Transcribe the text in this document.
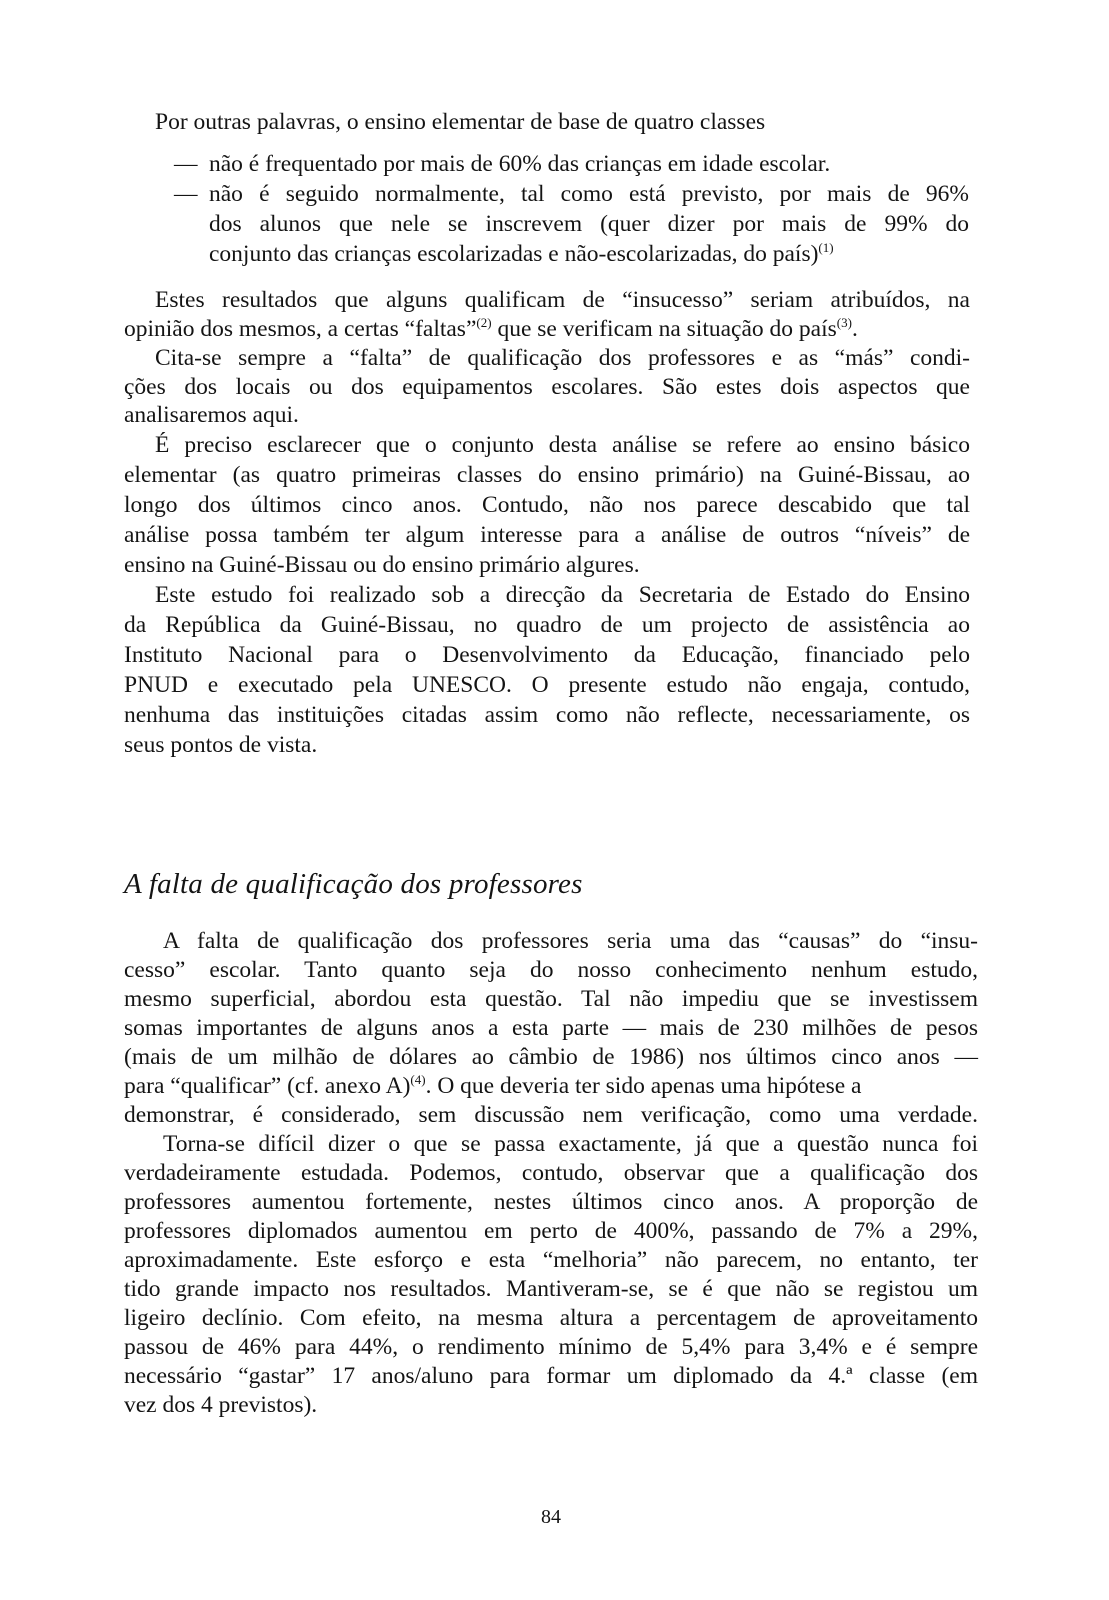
Por outras palavras, o ensino elementar de base de quatro classes
— não é frequentado por mais de 60% das crianças em idade escolar.
— não é seguido normalmente, tal como está previsto, por mais de 96%
dos alunos que nele se inscrevem (quer dizer por mais de 99% do
conjunto das crianças escolarizadas e não-escolarizadas, do país)$^{(1)}$
Estes resultados que alguns qualificam de “insucesso” seriam atribuídos, na
opinião dos mesmos, a certas “faltas”$^{(2)}$ que se verificam na situação do país$^{(3)}$.
Cita-se sempre a “falta” de qualificação dos professores e as “más” condi-
ções dos locais ou dos equipamentos escolares. São estes dois aspectos que
analisaremos aqui.
É preciso esclarecer que o conjunto desta análise se refere ao ensino básico
elementar (as quatro primeiras classes do ensino primário) na Guiné-Bissau, ao
longo dos últimos cinco anos. Contudo, não nos parece descabido que tal
análise possa também ter algum interesse para a análise de outros “níveis” de
ensino na Guiné-Bissau ou do ensino primário algures.
Este estudo foi realizado sob a direcção da Secretaria de Estado do Ensino
da República da Guiné-Bissau, no quadro de um projecto de assistência ao
Instituto Nacional para o Desenvolvimento da Educação, financiado pelo
PNUD e executado pela UNESCO. O presente estudo não engaja, contudo,
nenhuma das instituições citadas assim como não reflecte, necessariamente, os
seus pontos de vista.
A falta de qualificação dos professores
A falta de qualificação dos professores seria uma das “causas” do “insu-
cesso” escolar. Tanto quanto seja do nosso conhecimento nenhum estudo,
mesmo superficial, abordou esta questão. Tal não impediu que se investissem
somas importantes de alguns anos a esta parte — mais de 230 milhões de pesos
(mais de um milhão de dólares ao câmbio de 1986) nos últimos cinco anos —
para “qualificar” (cf. anexo A)$^{(4)}$. O que deveria ter sido apenas uma hipótese a
demonstrar, é considerado, sem discussão nem verificação, como uma verdade.
Torna-se difícil dizer o que se passa exactamente, já que a questão nunca foi
verdadeiramente estudada. Podemos, contudo, observar que a qualificação dos
professores aumentou fortemente, nestes últimos cinco anos. A proporção de
professores diplomados aumentou em perto de 400%, passando de 7% a 29%,
aproximadamente. Este esforço e esta “melhoria” não parecem, no entanto, ter
tido grande impacto nos resultados. Mantiveram-se, se é que não se registou um
ligeiro declínio. Com efeito, na mesma altura a percentagem de aproveitamento
passou de 46% para 44%, o rendimento mínimo de 5,4% para 3,4% e é sempre
necessário “gastar” 17 anos/aluno para formar um diplomado da 4.ª classe (em
vez dos 4 previstos).
84
